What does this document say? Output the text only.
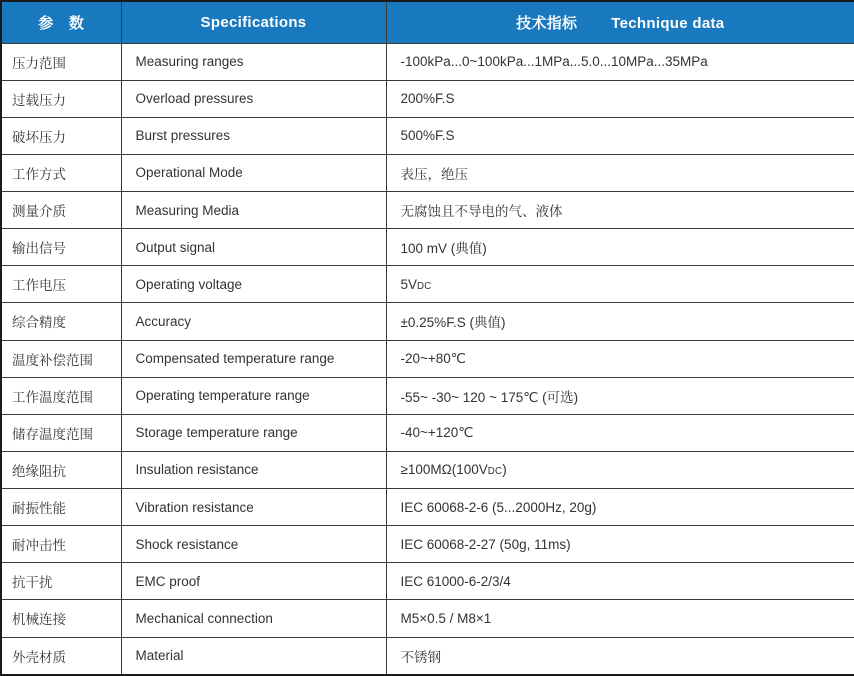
参　数	Specifications	技术指标 Technique data
压力范围	Measuring ranges	-100kPa...0~100kPa...1MPa...5.0...10MPa...35MPa
过载压力	Overload pressures	200%F.S
破坏压力	Burst pressures	500%F.S
工作方式	Operational Mode	表压，绝压
测量介质	Measuring Media	无腐蚀且不导电的气、液体
输出信号	Output signal	100 mV (典值)
工作电压	Operating voltage	5VDC
综合精度	Accuracy	±0.25%F.S (典值)
温度补偿范围	Compensated temperature range	-20~+80℃
工作温度范围	Operating temperature range	-55~ -30~ 120 ~ 175℃ (可选)
储存温度范围	Storage temperature range	-40~+120℃
绝缘阻抗	Insulation resistance	≥100MΩ(100VDC)
耐振性能	Vibration resistance	IEC 60068-2-6 (5...2000Hz, 20g)
耐冲击性	Shock resistance	IEC 60068-2-27 (50g, 11ms)
抗干扰	EMC proof	IEC 61000-6-2/3/4
机械连接	Mechanical connection	M5×0.5 / M8×1
外壳材质	Material	不锈钢
